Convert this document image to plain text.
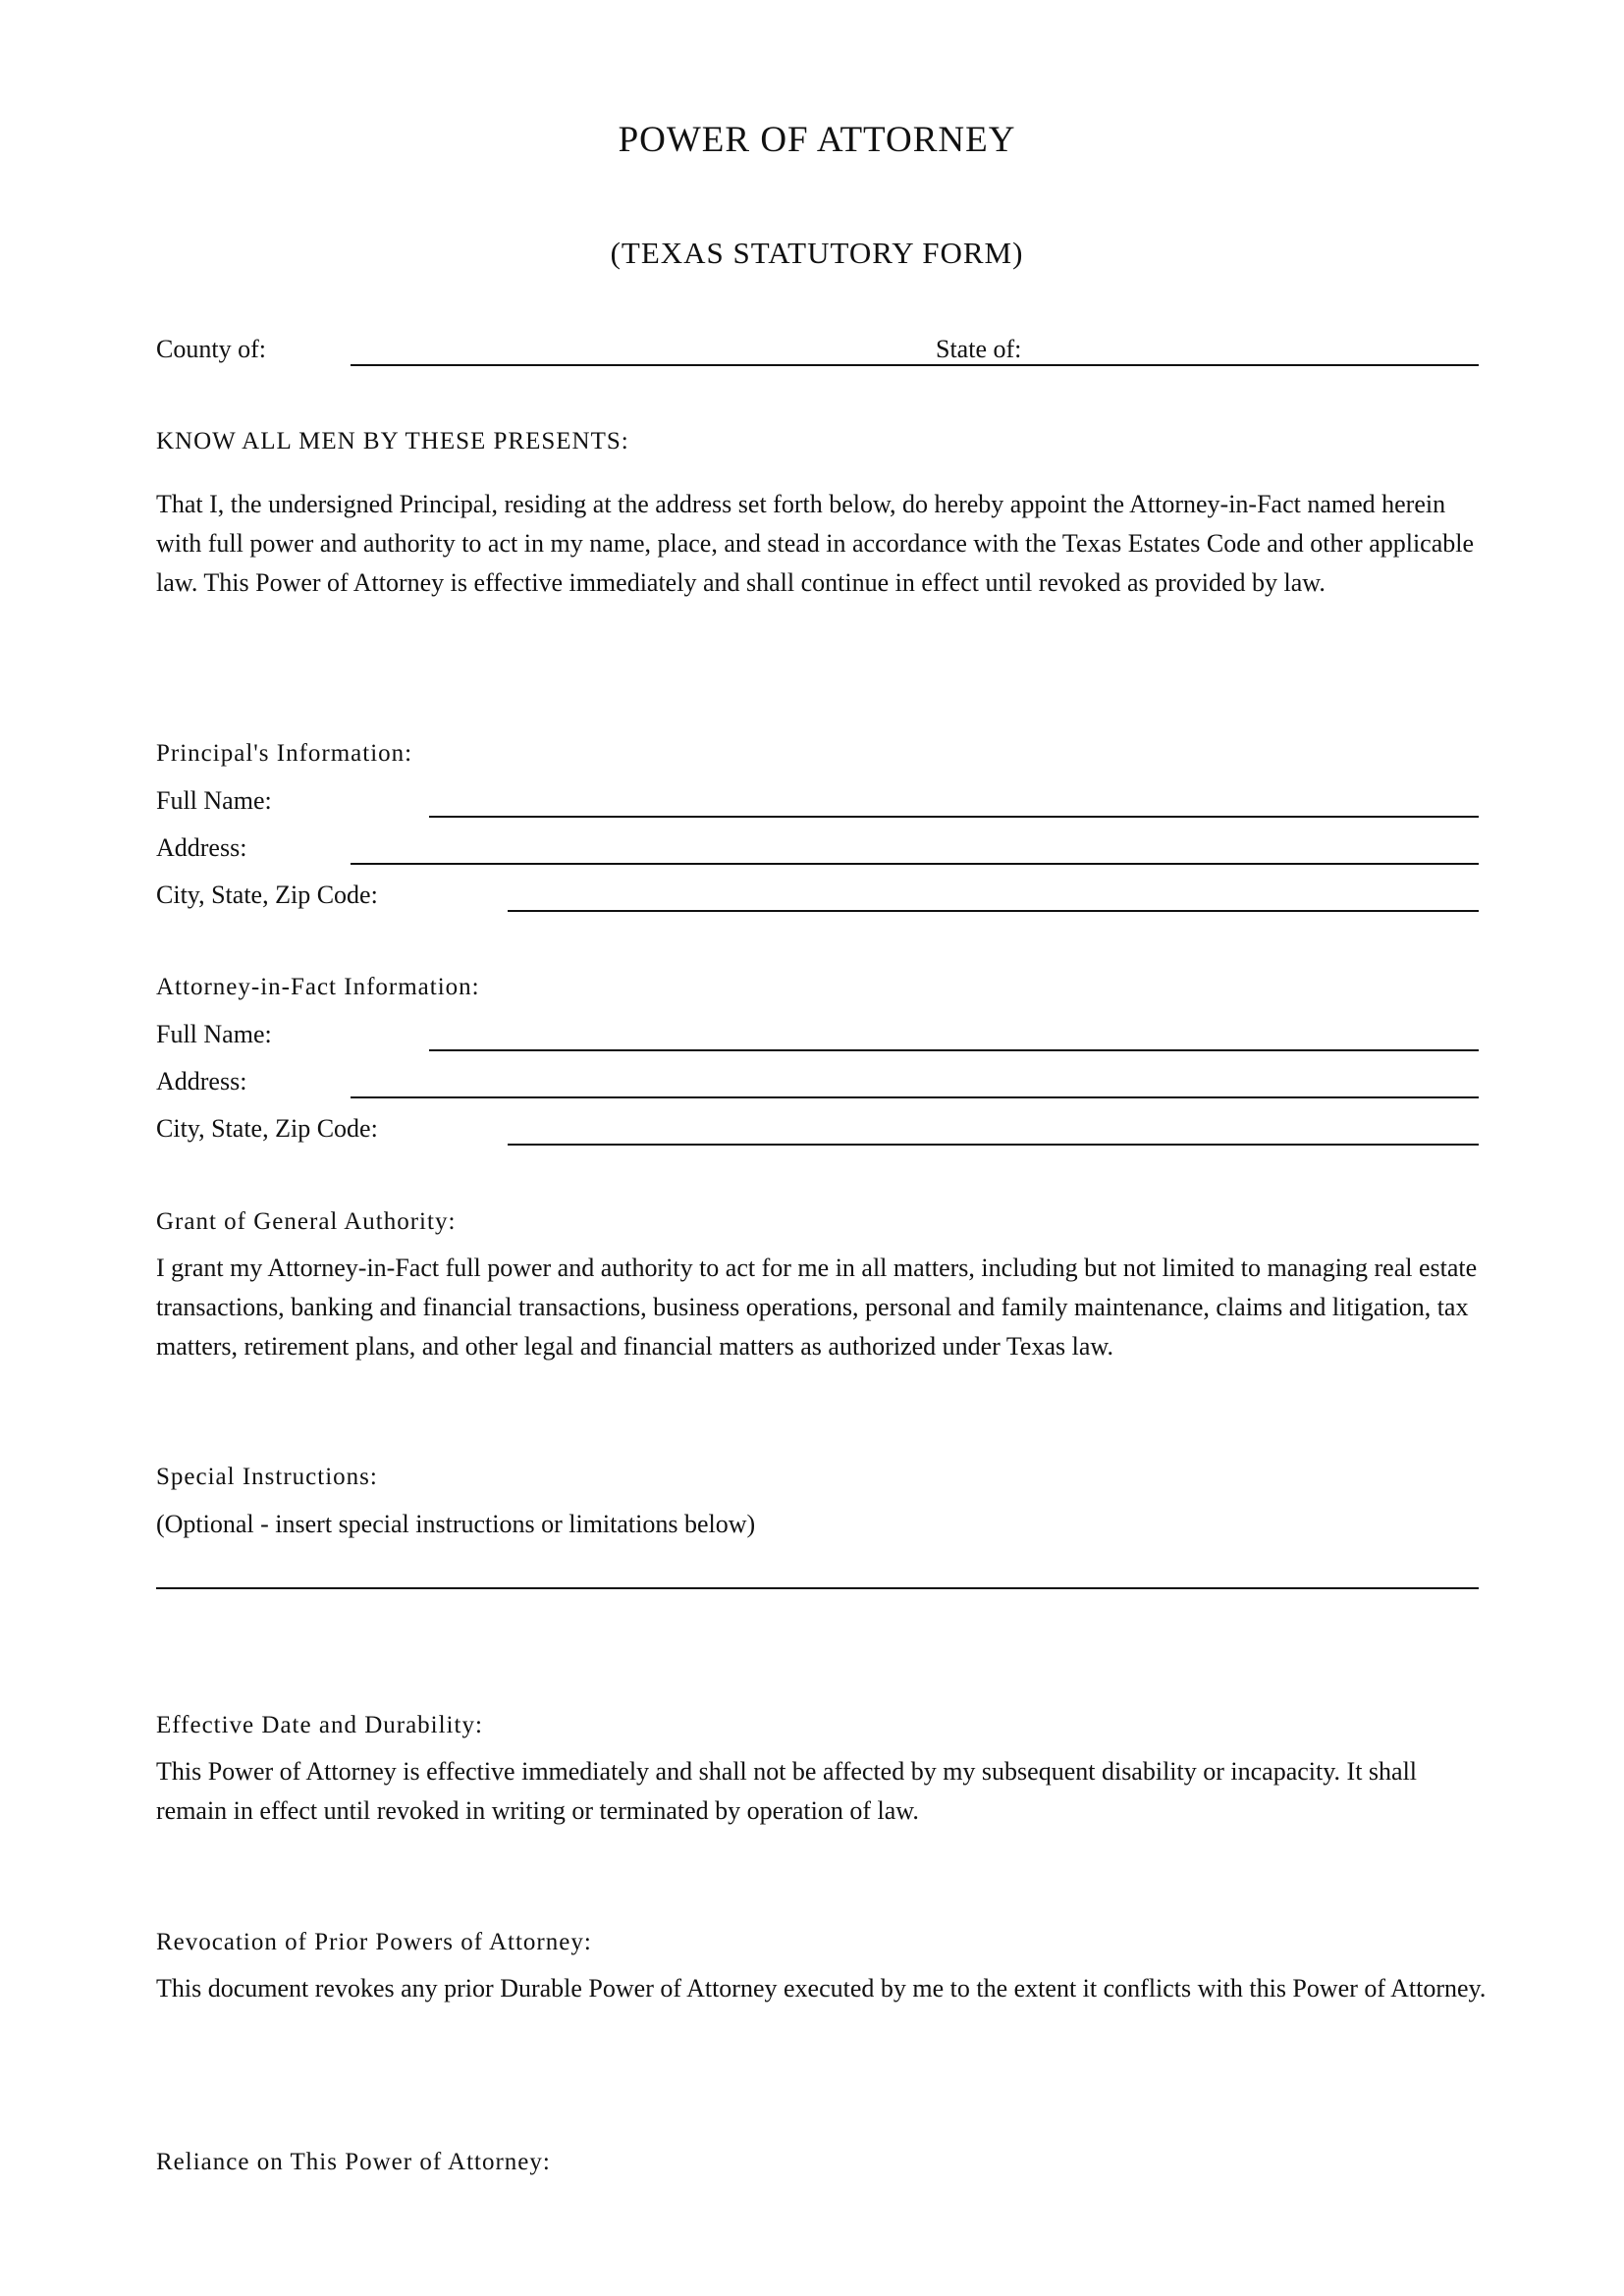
POWER OF ATTORNEY
(TEXAS STATUTORY FORM)
County of:	State of:
KNOW ALL MEN BY THESE PRESENTS:
That I, the undersigned Principal, residing at the address set forth below, do hereby appoint the Attorney-in-Fact named herein with full power and authority to act in my name, place, and stead in accordance with the Texas Estates Code and other applicable law. This Power of Attorney is effective immediately and shall continue in effect until revoked as provided by law.
Principal's Information:
Full Name:
Address:
City, State, Zip Code:
Attorney-in-Fact Information:
Full Name:
Address:
City, State, Zip Code:
Grant of General Authority:
I grant my Attorney-in-Fact full power and authority to act for me in all matters, including but not limited to managing real estate transactions, banking and financial transactions, business operations, personal and family maintenance, claims and litigation, tax matters, retirement plans, and other legal and financial matters as authorized under Texas law.
Special Instructions:
(Optional - insert special instructions or limitations below)
Effective Date and Durability:
This Power of Attorney is effective immediately and shall not be affected by my subsequent disability or incapacity. It shall remain in effect until revoked in writing or terminated by operation of law.
Revocation of Prior Powers of Attorney:
This document revokes any prior Durable Power of Attorney executed by me to the extent it conflicts with this Power of Attorney.
Reliance on This Power of Attorney:
